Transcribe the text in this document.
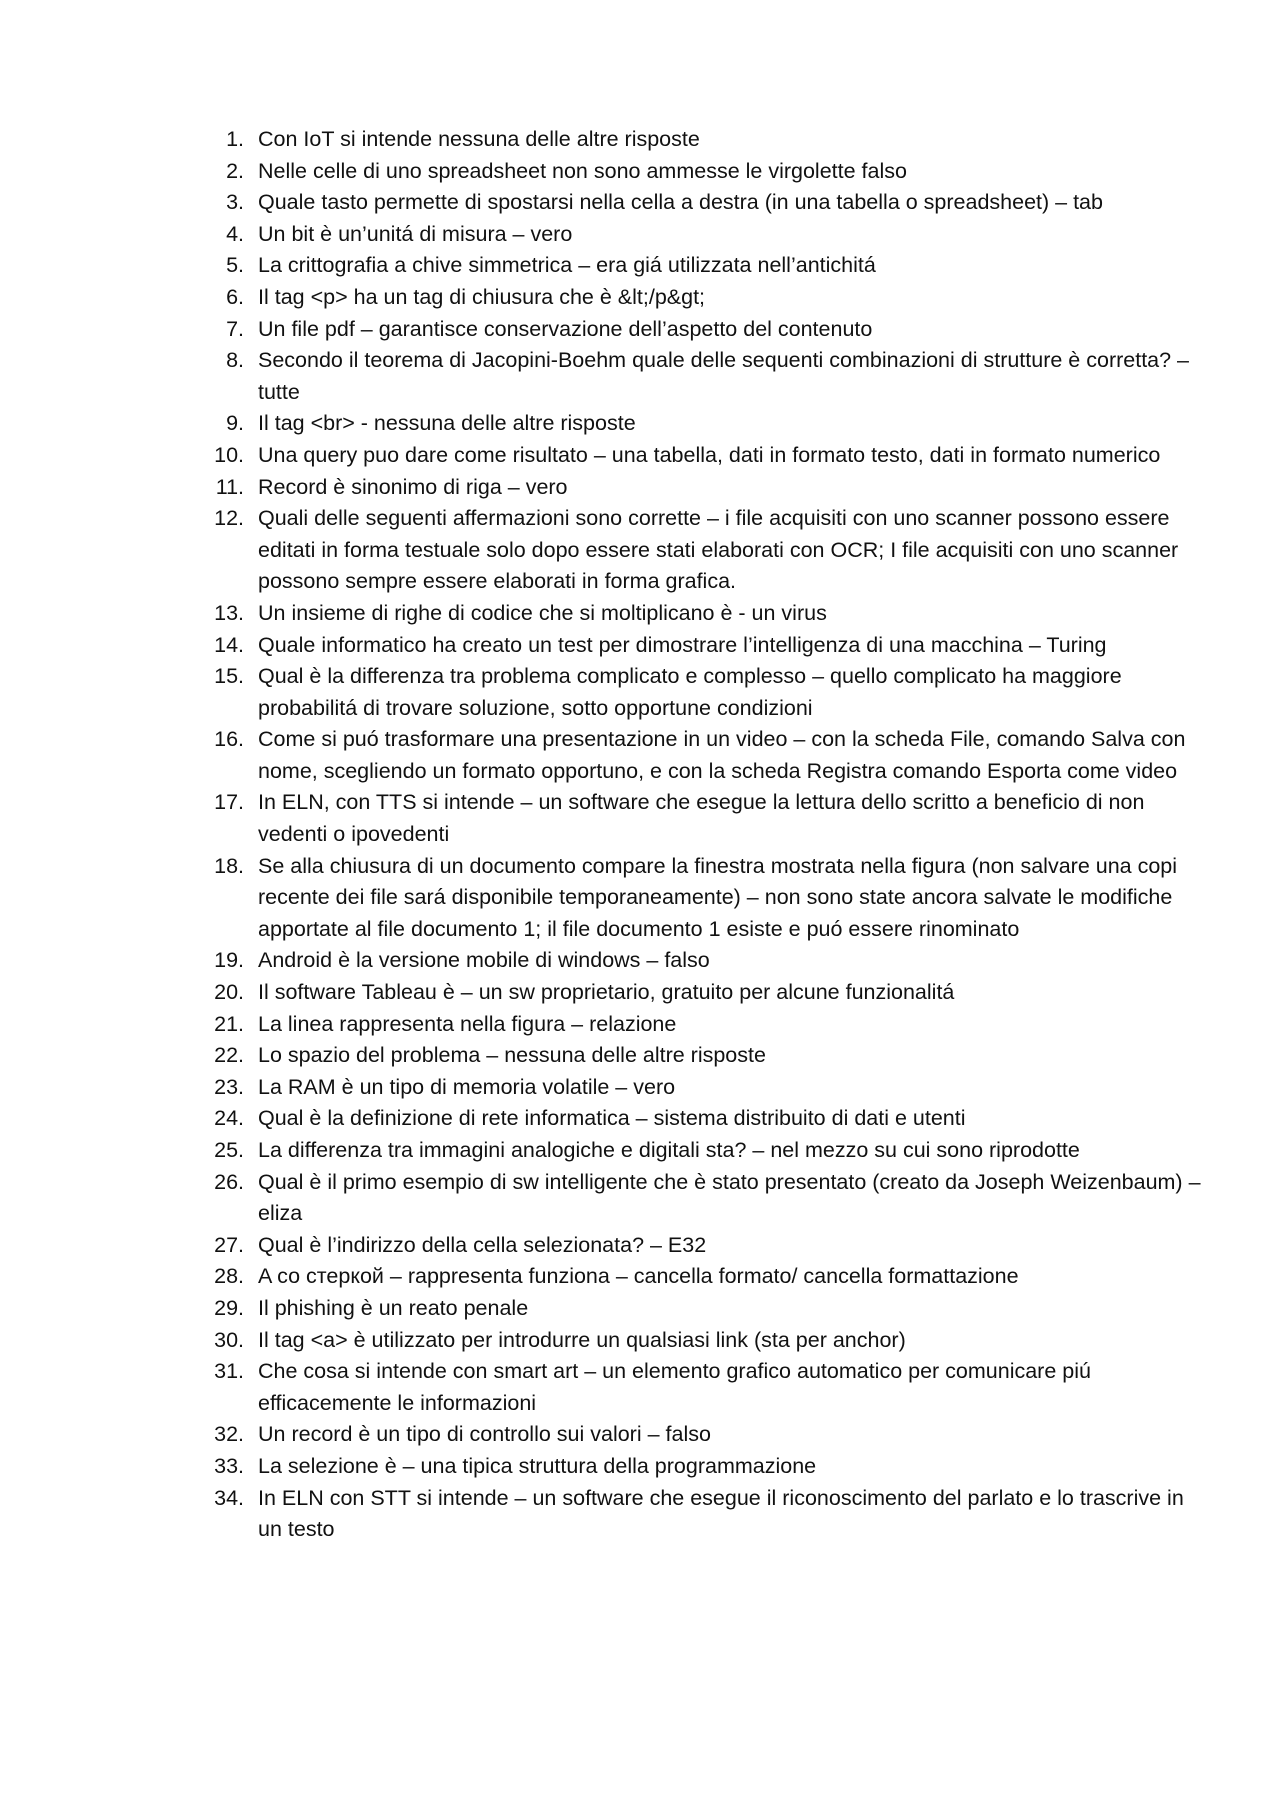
1. Con IoT si intende nessuna delle altre risposte
2. Nelle celle di uno spreadsheet non sono ammesse le virgolette falso
3. Quale tasto permette di spostarsi nella cella a destra (in una tabella o spreadsheet) – tab
4. Un bit è un’unitá di misura – vero
5. La crittografia a chive simmetrica – era giá utilizzata nell’antichitá
6. Il tag <p> ha un tag di chiusura che è &lt;/p&gt;
7. Un file pdf – garantisce conservazione dell’aspetto del contenuto
8. Secondo il teorema di Jacopini-Boehm quale delle sequenti combinazioni di strutture è corretta? – tutte
9. Il tag <br> - nessuna delle altre risposte
10. Una query puo dare come risultato – una tabella, dati in formato testo, dati in formato numerico
11. Record è sinonimo di riga – vero
12. Quali delle seguenti affermazioni sono corrette – i file acquisiti con uno scanner possono essere editati in forma testuale solo dopo essere stati elaborati con OCR; I file acquisiti con uno scanner possono sempre essere elaborati in forma grafica.
13. Un insieme di righe di codice che si moltiplicano è - un virus
14. Quale informatico ha creato un test per dimostrare l’intelligenza di una macchina – Turing
15. Qual è la differenza tra problema complicato e complesso – quello complicato ha maggiore probabilitá di trovare soluzione, sotto opportune condizioni
16. Come si puó trasformare una presentazione in un video – con la scheda File, comando Salva con nome, scegliendo un formato opportuno, e con la scheda Registra comando Esporta come video
17. In ELN, con TTS si intende – un software che esegue la lettura dello scritto a beneficio di non vedenti o ipovedenti
18. Se alla chiusura di un documento compare la finestra mostrata nella figura (non salvare una copi recente dei file sará disponibile temporaneamente) – non sono state ancora salvate le modifiche apportate al file documento 1; il file documento 1 esiste e puó essere rinominato
19. Android è la versione mobile di windows – falso
20. Il software Tableau è – un sw proprietario, gratuito per alcune funzionalitá
21. La linea rappresenta nella figura – relazione
22. Lo spazio del problema – nessuna delle altre risposte
23. La RAM è un tipo di memoria volatile – vero
24. Qual è la definizione di rete informatica – sistema distribuito di dati e utenti
25. La differenza tra immagini analogiche e digitali sta? – nel mezzo su cui sono riprodotte
26. Qual è il primo esempio di sw intelligente che è stato presentato (creato da Joseph Weizenbaum) – eliza
27. Qual è l’indirizzo della cella selezionata? – E32
28. A со стеркой – rappresenta funziona – cancella formato/ cancella formattazione
29. Il phishing è un reato penale
30. Il tag <a> è utilizzato per introdurre un qualsiasi link (sta per anchor)
31. Che cosa si intende con smart art – un elemento grafico automatico per comunicare piú efficacemente le informazioni
32. Un record è un tipo di controllo sui valori – falso
33. La selezione è – una tipica struttura della programmazione
34. In ELN con STT si intende – un software che esegue il riconoscimento del parlato e lo trascrive in un testo
